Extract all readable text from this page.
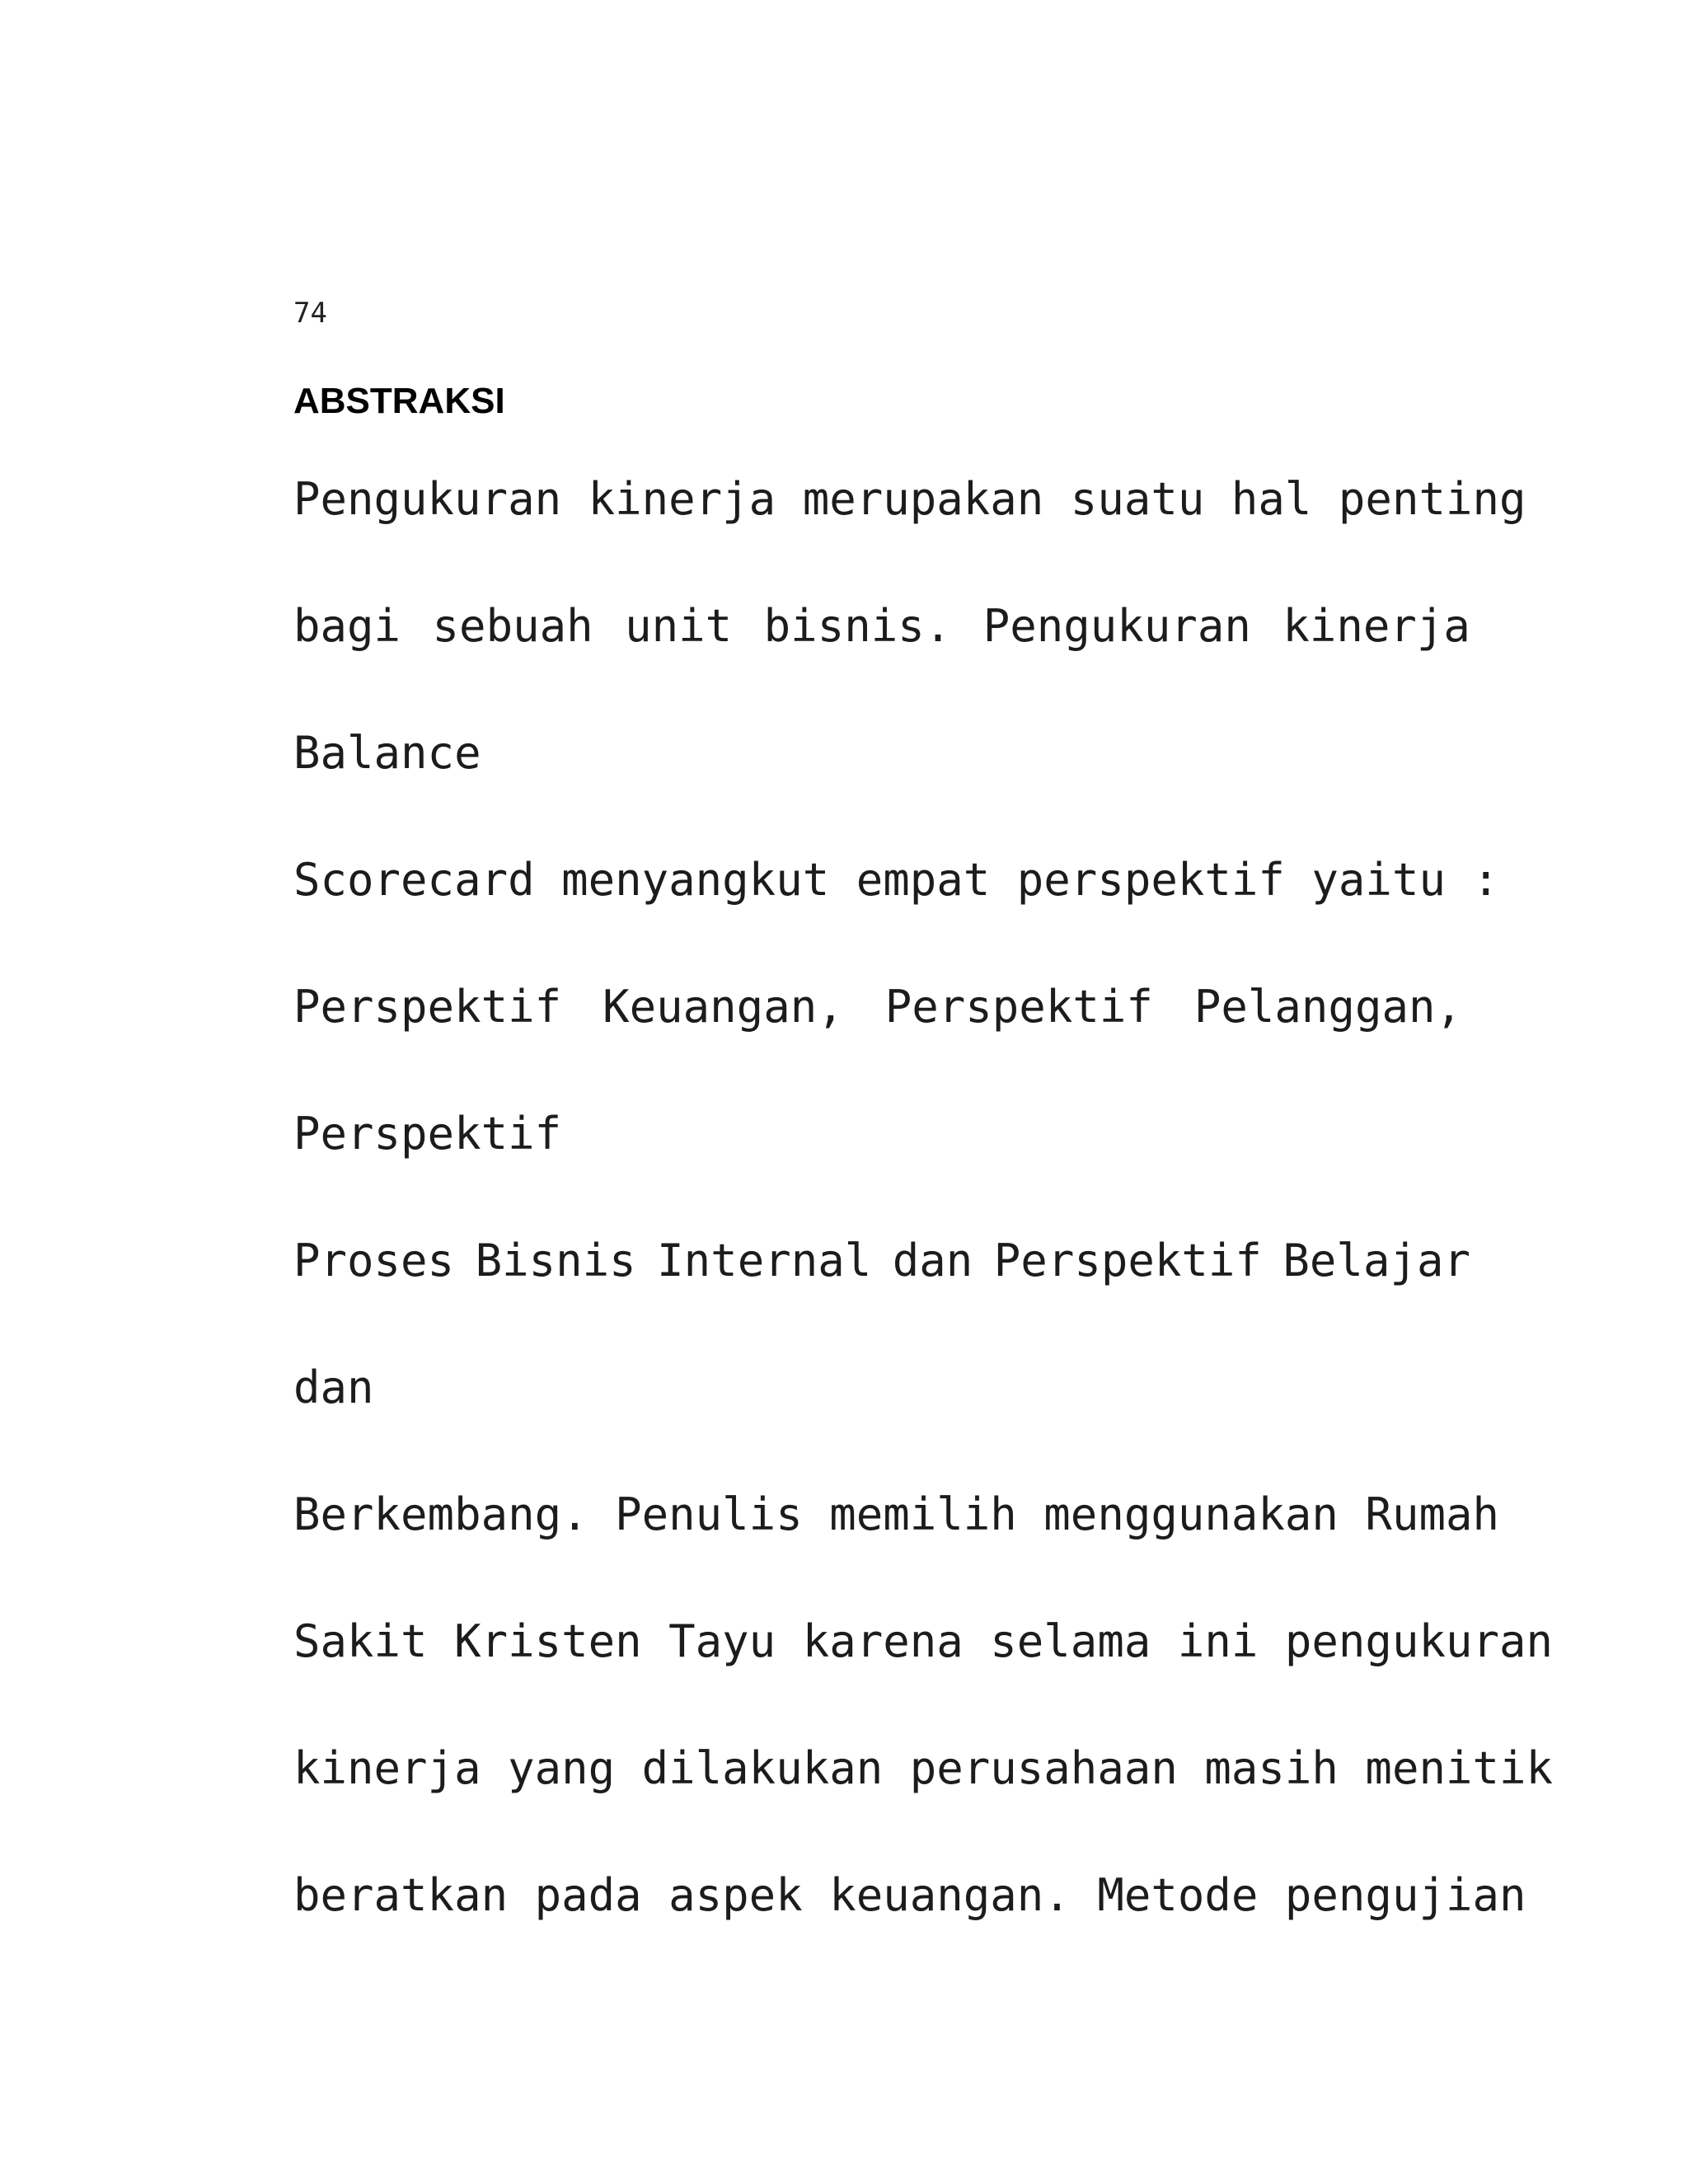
74
ABSTRAKSI
Pengukuran kinerja merupakan suatu hal penting
bagi sebuah unit bisnis. Pengukuran kinerja
Balance
Scorecard menyangkut empat perspektif yaitu :
Perspektif Keuangan, Perspektif Pelanggan,
Perspektif
Proses Bisnis Internal dan Perspektif Belajar
dan
Berkembang. Penulis memilih menggunakan Rumah
Sakit Kristen Tayu karena selama ini pengukuran
kinerja yang dilakukan perusahaan masih menitik
beratkan pada aspek keuangan. Metode pengujian
